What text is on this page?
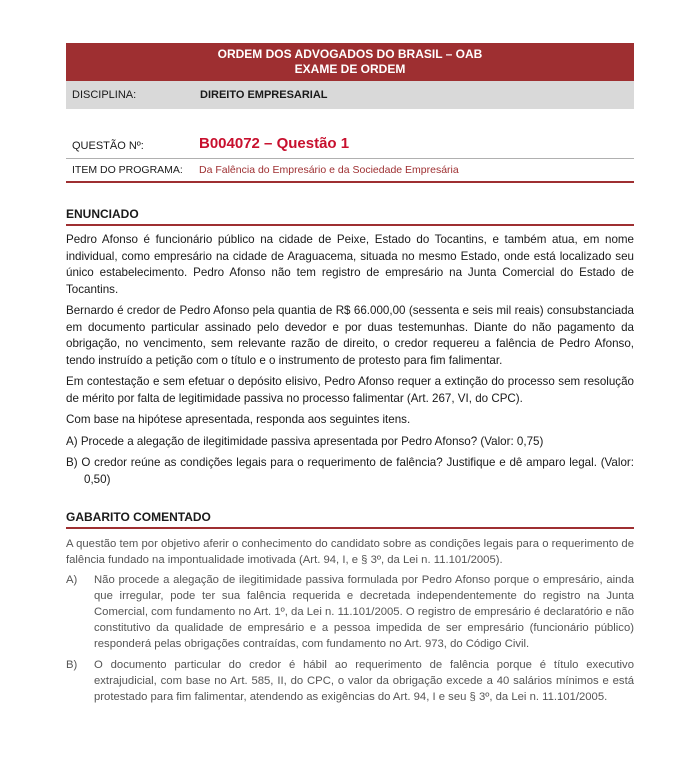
ORDEM DOS ADVOGADOS DO BRASIL – OAB
EXAME DE ORDEM
DISCIPLINA:	DIREITO EMPRESARIAL
QUESTÃO Nº:	B004072 – Questão 1
ITEM DO PROGRAMA: Da Falência do Empresário e da Sociedade Empresária
ENUNCIADO

Pedro Afonso é funcionário público na cidade de Peixe, Estado do Tocantins, e também atua, em nome individual, como empresário na cidade de Araguacema, situada no mesmo Estado, onde está localizado seu único estabelecimento. Pedro Afonso não tem registro de empresário na Junta Comercial do Estado de Tocantins.

Bernardo é credor de Pedro Afonso pela quantia de R$ 66.000,00 (sessenta e seis mil reais) consubstanciada em documento particular assinado pelo devedor e por duas testemunhas. Diante do não pagamento da obrigação, no vencimento, sem relevante razão de direito, o credor requereu a falência de Pedro Afonso, tendo instruído a petição com o título e o instrumento de protesto para fim falimentar.

Em contestação e sem efetuar o depósito elisivo, Pedro Afonso requer a extinção do processo sem resolução de mérito por falta de legitimidade passiva no processo falimentar (Art. 267, VI, do CPC).

Com base na hipótese apresentada, responda aos seguintes itens.

A) Procede a alegação de ilegitimidade passiva apresentada por Pedro Afonso? (Valor: 0,75)

B) O credor reúne as condições legais para o requerimento de falência? Justifique e dê amparo legal. (Valor: 0,50)

GABARITO COMENTADO

A questão tem por objetivo aferir o conhecimento do candidato sobre as condições legais para o requerimento de falência fundado na impontualidade imotivada (Art. 94, I, e § 3º, da Lei n. 11.101/2005).

A)	Não procede a alegação de ilegitimidade passiva formulada por Pedro Afonso porque o empresário, ainda que irregular, pode ter sua falência requerida e decretada independentemente do registro na Junta Comercial, com fundamento no Art. 1º, da Lei n. 11.101/2005. O registro de empresário é declaratório e não constitutivo da qualidade de empresário e a pessoa impedida de ser empresário (funcionário público) responderá pelas obrigações contraídas, com fundamento no Art. 973, do Código Civil.
B)	O documento particular do credor é hábil ao requerimento de falência porque é título executivo extrajudicial, com base no Art. 585, II, do CPC, o valor da obrigação excede a 40 salários mínimos e está protestado para fim falimentar, atendendo as exigências do Art. 94, I e seu § 3º, da Lei n. 11.101/2005.
